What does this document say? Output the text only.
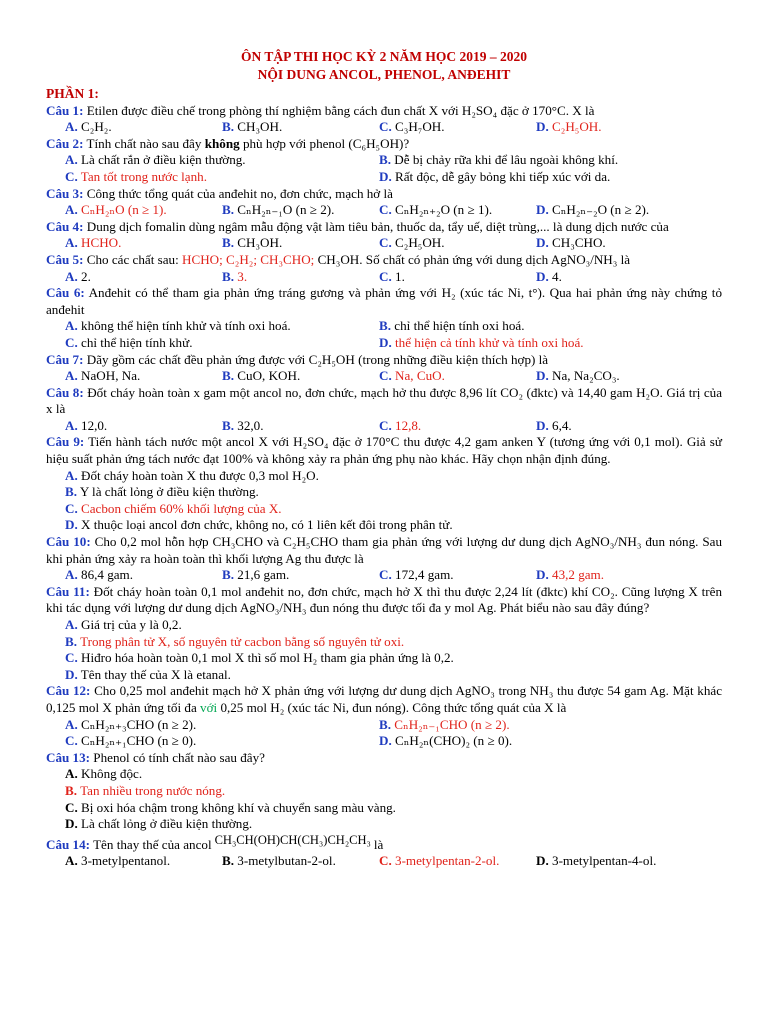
ÔN TẬP THI HỌC KỲ 2 NĂM HỌC 2019 – 2020
NỘI DUNG ANCOL, PHENOL, ANĐEHIT
PHẦN 1:

Câu 1: Etilen được điều chế trong phòng thí nghiệm bằng cách đun chất X với H₂SO₄ đặc ở 170°C. X là

A. C₂H₂.	B. CH₃OH.	C. C₃H₇OH.	D. C₂H₅OH.

Câu 2: Tính chất nào sau đây không phù hợp với phenol (C₆H₅OH)?

A. Là chất rắn ở điều kiện thường.	B. Dễ bị chảy rữa khi để lâu ngoài không khí.
C. Tan tốt trong nước lạnh.	D. Rất độc, dễ gây bỏng khi tiếp xúc với da.

Câu 3: Công thức tổng quát của anđehit no, đơn chức, mạch hở là

A. CₙH₂ₙO (n ≥ 1).	B. CₙH₂ₙ₋₁O (n ≥ 2).	C. CₙH₂ₙ₊₂O (n ≥ 1).	D. CₙH₂ₙ₋₂O (n ≥ 2).

Câu 4: Dung dịch fomalin dùng ngâm mẫu động vật làm tiêu bản, thuốc da, tẩy uế, diệt trùng,... là dung dịch nước của

A. HCHO.	B. CH₃OH.	C. C₂H₅OH.	D. CH₃CHO.

Câu 5: Cho các chất sau: HCHO; C₂H₂; CH₃CHO; CH₃OH. Số chất có phản ứng với dung dịch AgNO₃/NH₃ là

A. 2.	B. 3.	C. 1.	D. 4.

Câu 6: Anđehit có thể tham gia phản ứng tráng gương và phản ứng với H₂ (xúc tác Ni, t°). Qua hai phản ứng này chứng tỏ anđehit

A. không thể hiện tính khử và tính oxi hoá.	B. chỉ thể hiện tính oxi hoá.
C. chỉ thể hiện tính khử.	D. thể hiện cả tính khử và tính oxi hoá.

Câu 7: Dãy gồm các chất đều phản ứng được với C₂H₅OH (trong những điều kiện thích hợp) là

A. NaOH, Na.	B. CuO, KOH.	C. Na, CuO.	D. Na, Na₂CO₃.

Câu 8: Đốt cháy hoàn toàn x gam một ancol no, đơn chức, mạch hở thu được 8,96 lít CO₂ (đktc) và 14,40 gam H₂O. Giá trị của x là

A. 12,0.	B. 32,0.	C. 12,8.	D. 6,4.

Câu 9: Tiến hành tách nước một ancol X với H₂SO₄ đặc ở 170°C thu được 4,2 gam anken Y (tương ứng với 0,1 mol). Giả sử hiệu suất phản ứng tách nước đạt 100% và không xảy ra phản ứng phụ nào khác. Hãy chọn nhận định đúng.

A. Đốt cháy hoàn toàn X thu được 0,3 mol H₂O.
B. Y là chất lỏng ở điều kiện thường.
C. Cacbon chiếm 60% khối lượng của X.
D. X thuộc loại ancol đơn chức, không no, có 1 liên kết đôi trong phân tử.

Câu 10: Cho 0,2 mol hỗn hợp CH₃CHO và C₂H₅CHO tham gia phản ứng với lượng dư dung dịch AgNO₃/NH₃ đun nóng. Sau khi phản ứng xảy ra hoàn toàn thì khối lượng Ag thu được là

A. 86,4 gam.	B. 21,6 gam.	C. 172,4 gam.	D. 43,2 gam.

Câu 11: Đốt cháy hoàn toàn 0,1 mol anđehit no, đơn chức, mạch hở X thì thu được 2,24 lít (đktc) khí CO₂. Cũng lượng X trên khi tác dụng với lượng dư dung dịch AgNO₃/NH₃ đun nóng thu được tối đa y mol Ag. Phát biểu nào sau đây đúng?

A. Giá trị của y là 0,2.
B. Trong phân tử X, số nguyên tử cacbon bằng số nguyên tử oxi.
C. Hiđro hóa hoàn toàn 0,1 mol X thì số mol H₂ tham gia phản ứng là 0,2.
D. Tên thay thế của X là etanal.

Câu 12: Cho 0,25 mol anđehit mạch hở X phản ứng với lượng dư dung dịch AgNO₃ trong NH₃ thu được 54 gam Ag. Mặt khác 0,125 mol X phản ứng tối đa với 0,25 mol H₂ (xúc tác Ni, đun nóng). Công thức tổng quát của X là

A. CₙH₂ₙ₊₃CHO (n ≥ 2).	B. CₙH₂ₙ₋₁CHO (n ≥ 2).
C. CₙH₂ₙ₊₁CHO (n ≥ 0).	D. CₙH₂ₙ(CHO)₂ (n ≥ 0).

Câu 13: Phenol có tính chất nào sau đây?

A. Không độc.
B. Tan nhiều trong nước nóng.
C. Bị oxi hóa chậm trong không khí và chuyển sang màu vàng.
D. Là chất lỏng ở điều kiện thường.

Câu 14: Tên thay thế của ancol CH₃CH(OH)CH(CH₃)CH₂CH₃ là

A. 3-metylpentanol.	B. 3-metylbutan-2-ol.	C. 3-metylpentan-2-ol.	D. 3-metylpentan-4-ol.
